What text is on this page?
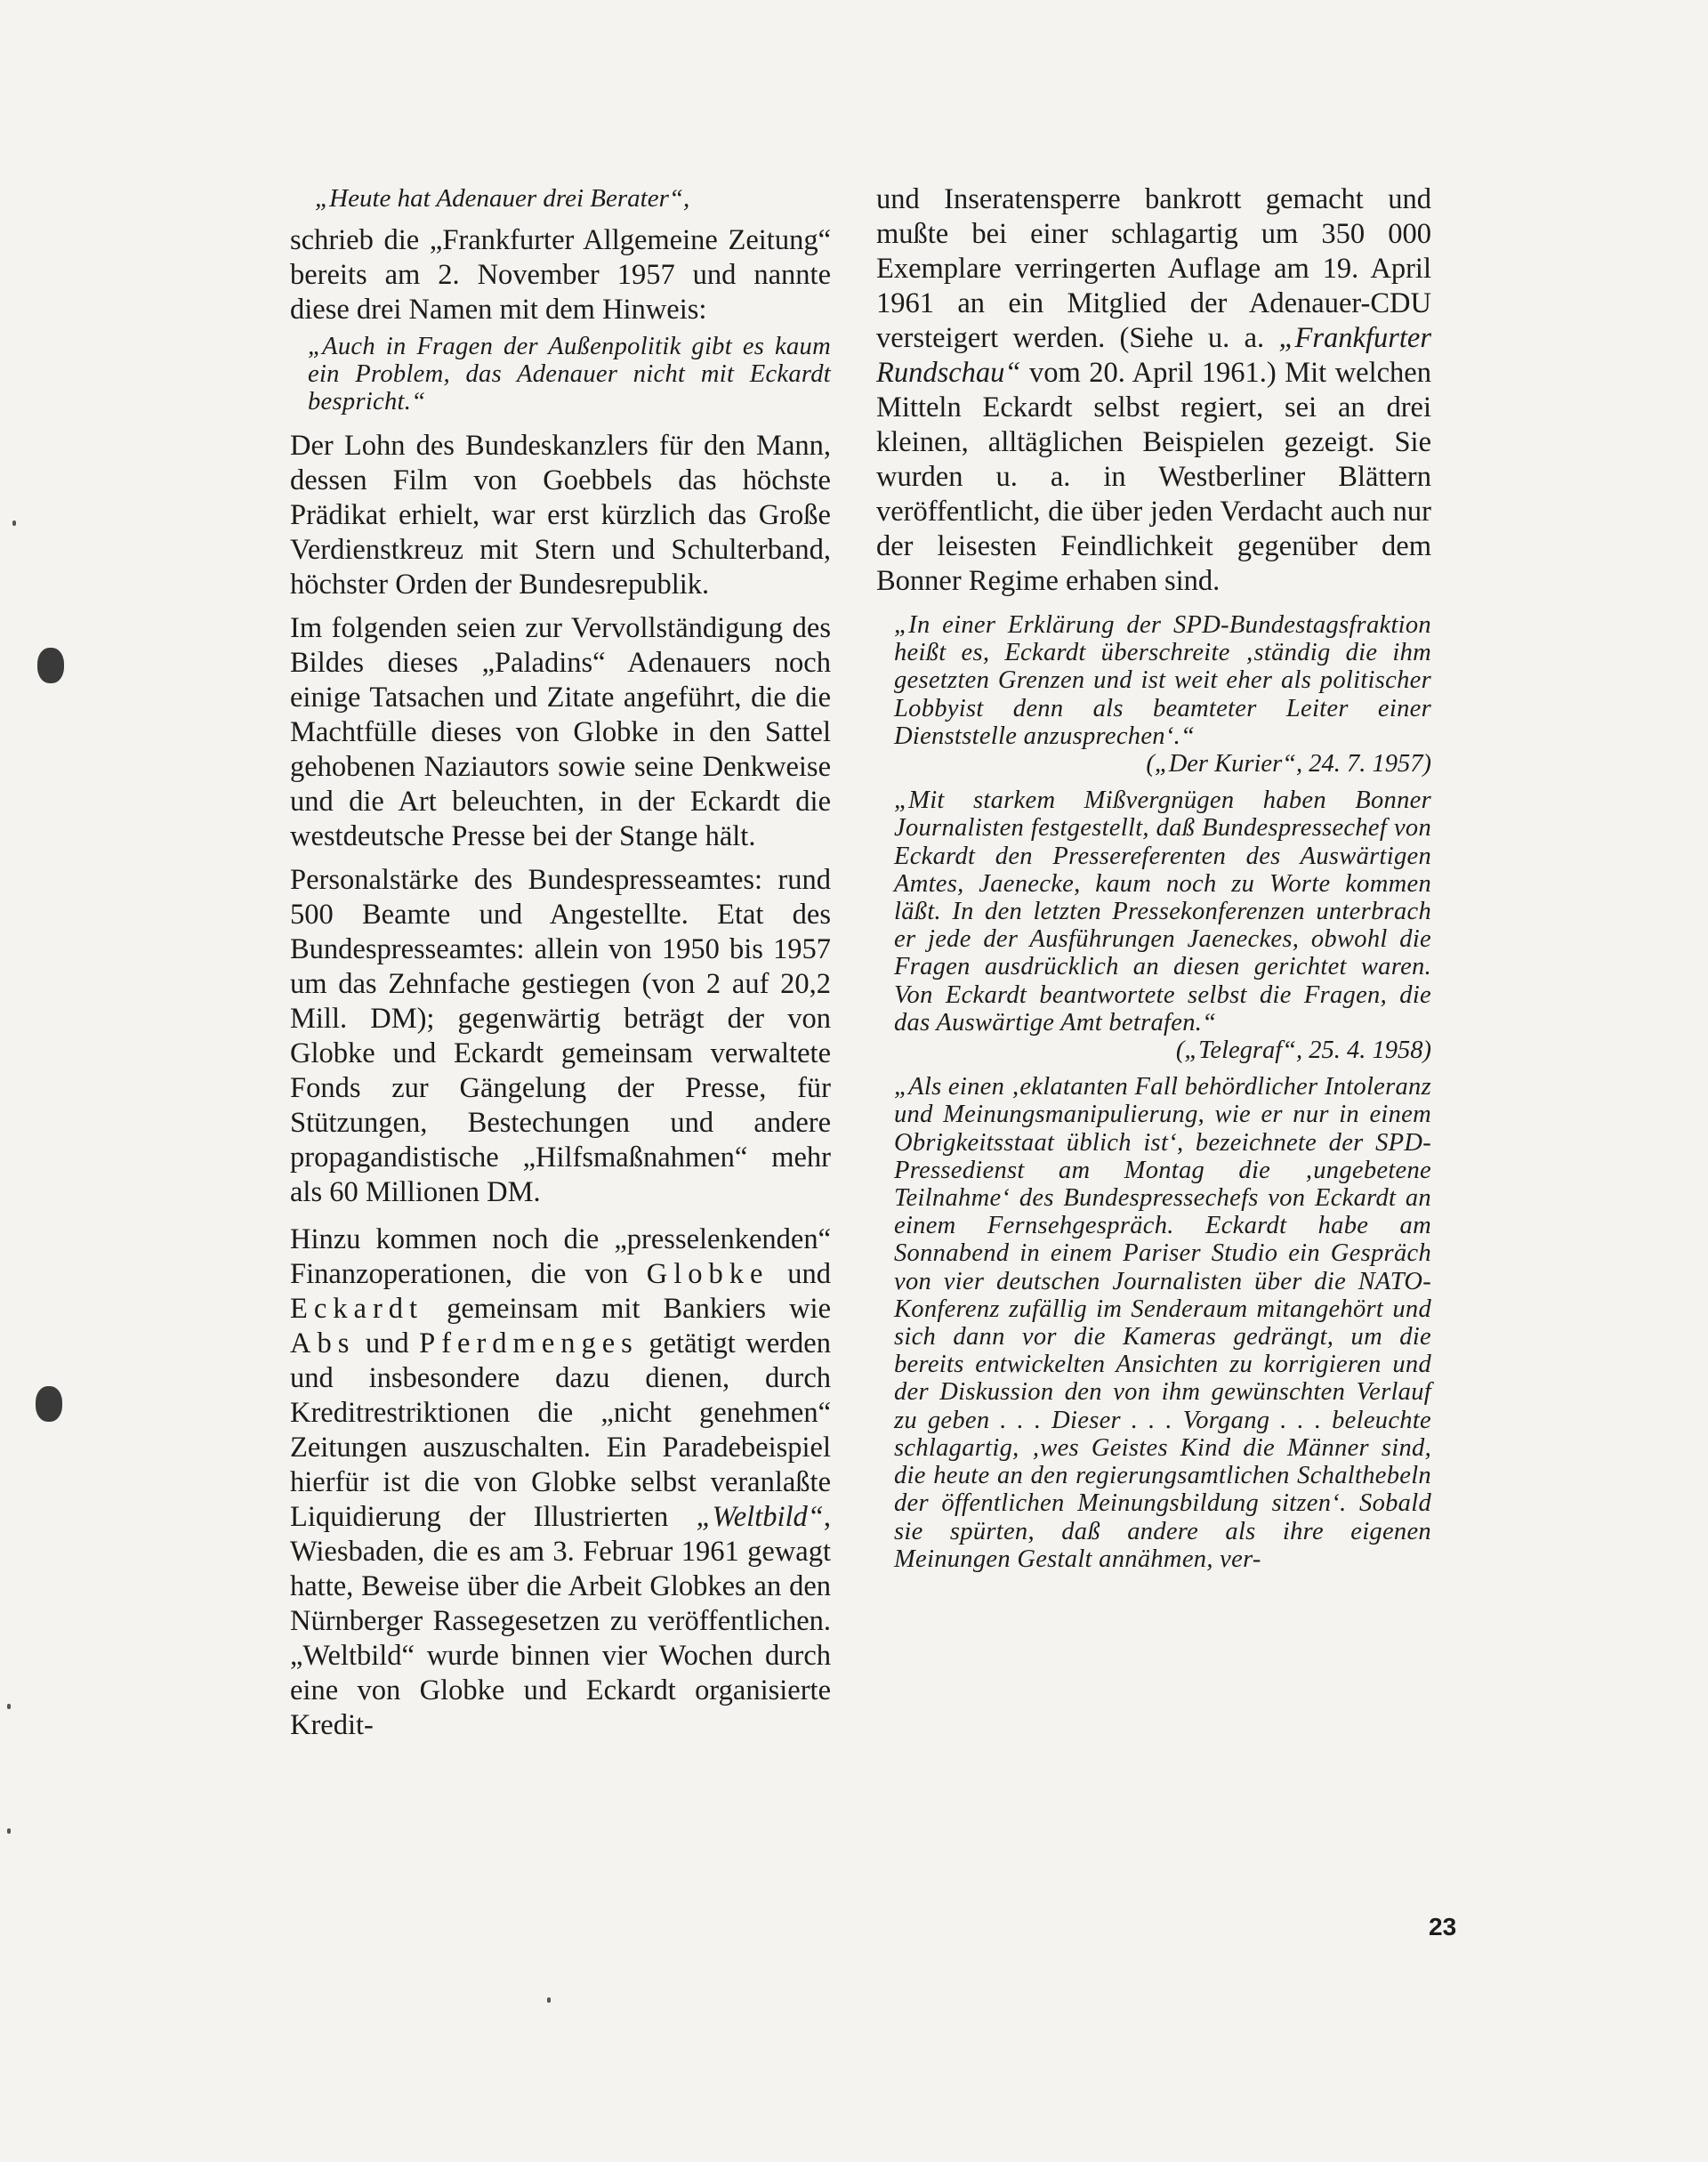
„Heute hat Adenauer drei Berater“,

schrieb die „Frankfurter Allgemeine Zeitung“ bereits am 2. November 1957 und nannte diese drei Namen mit dem Hinweis:

„Auch in Fragen der Außenpolitik gibt es kaum ein Problem, das Adenauer nicht mit Eckardt bespricht.“

Der Lohn des Bundeskanzlers für den Mann, dessen Film von Goebbels das höchste Prädikat erhielt, war erst kürzlich das Große Verdienstkreuz mit Stern und Schulterband, höchster Orden der Bundesrepublik.

Im folgenden seien zur Vervollständigung des Bildes dieses „Paladins“ Adenauers noch einige Tatsachen und Zitate angeführt, die die Machtfülle dieses von Globke in den Sattel gehobenen Naziautors sowie seine Denkweise und die Art beleuchten, in der Eckardt die westdeutsche Presse bei der Stange hält.

Personalstärke des Bundespresseamtes: rund 500 Beamte und Angestellte. Etat des Bundespresseamtes: allein von 1950 bis 1957 um das Zehnfache gestiegen (von 2 auf 20,2 Mill. DM); gegenwärtig beträgt der von Globke und Eckardt gemeinsam verwaltete Fonds zur Gängelung der Presse, für Stützungen, Bestechungen und andere propagandistische „Hilfsmaßnahmen“ mehr als 60 Millionen DM.

Hinzu kommen noch die „presselenkenden“ Finanzoperationen, die von Globke und Eckardt gemeinsam mit Bankiers wie Abs und Pferdmenges getätigt werden und insbesondere dazu dienen, durch Kreditrestriktionen die „nicht genehmen“ Zeitungen auszuschalten. Ein Paradebeispiel hierfür ist die von Globke selbst veranlaßte Liquidierung der Illustrierten „Weltbild“, Wiesbaden, die es am 3. Februar 1961 gewagt hatte, Beweise über die Arbeit Globkes an den Nürnberger Rassegesetzen zu veröffentlichen. „Weltbild“ wurde binnen vier Wochen durch eine von Globke und Eckardt organisierte Kredit-

und Inseratensperre bankrott gemacht und mußte bei einer schlagartig um 350 000 Exemplare verringerten Auflage am 19. April 1961 an ein Mitglied der Adenauer-CDU versteigert werden. (Siehe u. a. „Frankfurter Rundschau“ vom 20. April 1961.) Mit welchen Mitteln Eckardt selbst regiert, sei an drei kleinen, alltäglichen Beispielen gezeigt. Sie wurden u. a. in Westberliner Blättern veröffentlicht, die über jeden Verdacht auch nur der leisesten Feindlichkeit gegenüber dem Bonner Regime erhaben sind.

„In einer Erklärung der SPD-Bundestagsfraktion heißt es, Eckardt überschreite ‚ständig die ihm gesetzten Grenzen und ist weit eher als politischer Lobbyist denn als beamteter Leiter einer Dienststelle anzusprechen‘.“

(„Der Kurier“, 24. 7. 1957)

„Mit starkem Mißvergnügen haben Bonner Journalisten festgestellt, daß Bundespressechef von Eckardt den Pressereferenten des Auswärtigen Amtes, Jaenecke, kaum noch zu Worte kommen läßt. In den letzten Pressekonferenzen unterbrach er jede der Ausführungen Jaeneckes, obwohl die Fragen ausdrücklich an diesen gerichtet waren. Von Eckardt beantwortete selbst die Fragen, die das Auswärtige Amt betrafen.“

(„Telegraf“, 25. 4. 1958)

„Als einen ‚eklatanten Fall behördlicher Intoleranz und Meinungsmanipulierung, wie er nur in einem Obrigkeitsstaat üblich ist‘, bezeichnete der SPD-Pressedienst am Montag die ‚ungebetene Teilnahme‘ des Bundespressechefs von Eckardt an einem Fernsehgespräch. Eckardt habe am Sonnabend in einem Pariser Studio ein Gespräch von vier deutschen Journalisten über die NATO-Konferenz zufällig im Senderaum mitangehört und sich dann vor die Kameras gedrängt, um die bereits entwickelten Ansichten zu korrigieren und der Diskussion den von ihm gewünschten Verlauf zu geben . . . Dieser . . . Vorgang . . . beleuchte schlagartig, ‚wes Geistes Kind die Männer sind, die heute an den regierungsamtlichen Schalthebeln der öffentlichen Meinungsbildung sitzen‘. Sobald sie spürten, daß andere als ihre eigenen Meinungen Gestalt annähmen, ver-

23
